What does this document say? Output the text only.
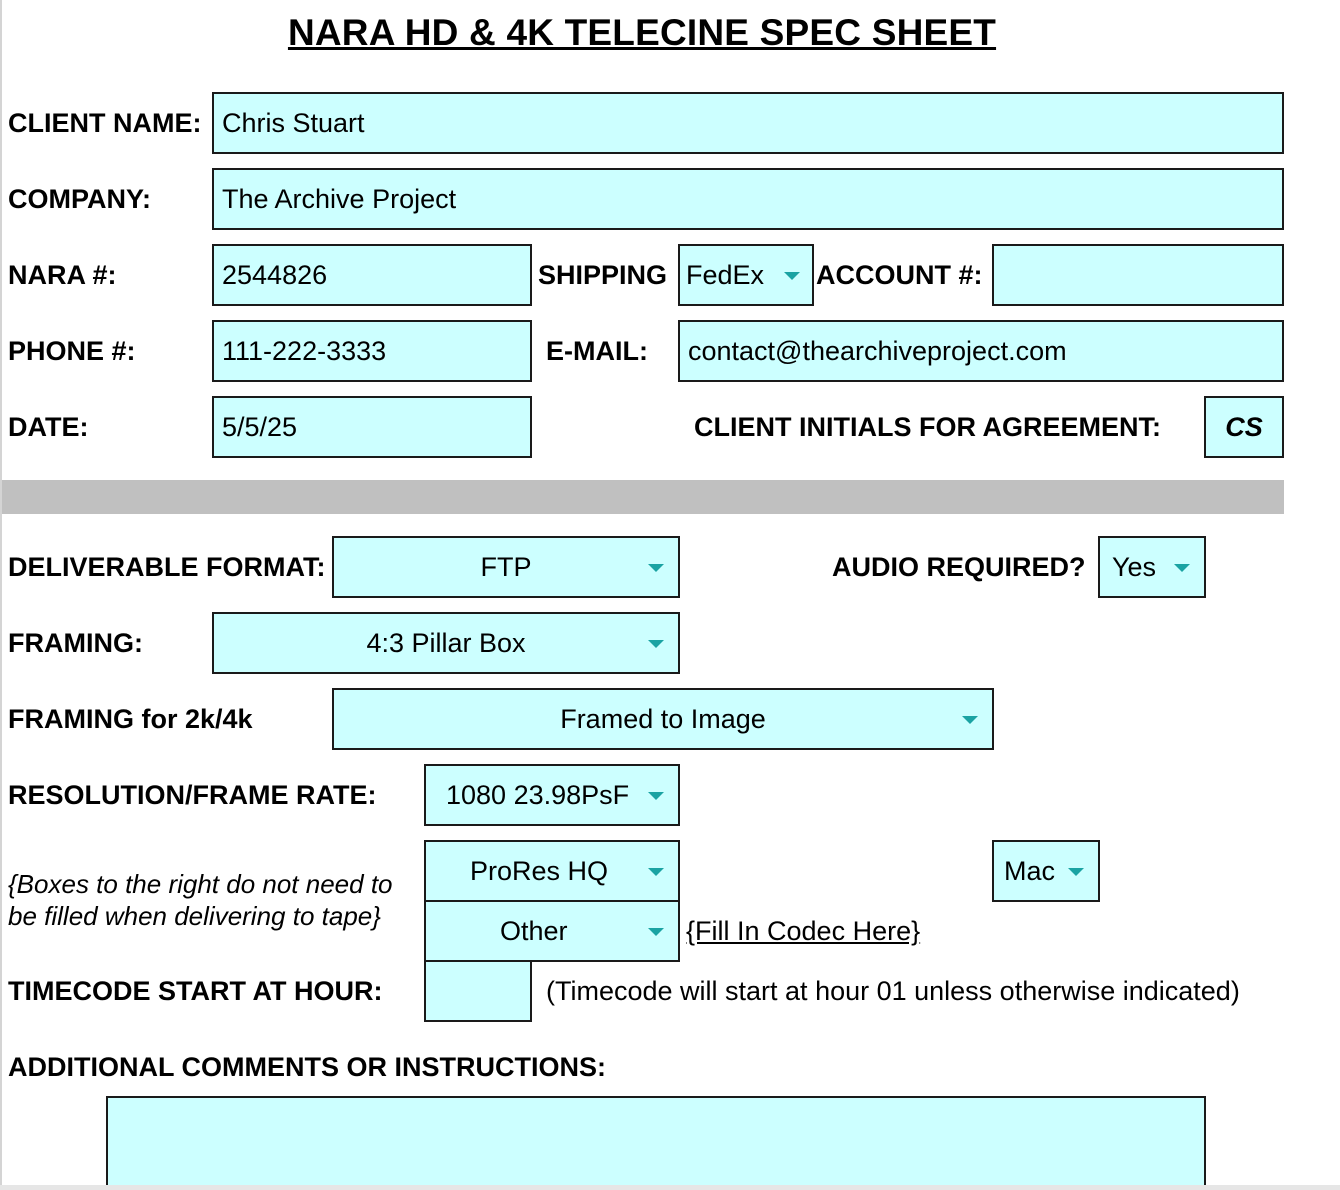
NARA HD & 4K TELECINE SPEC SHEET
CLIENT NAME: Chris Stuart
COMPANY:	The Archive Project
NARA #:	2544826	SHIPPING FedEx ACCOUNT #:
PHONE #:	111-222-3333	E-MAIL: contact@thearchiveproject.com
DATE:	5/5/25	CLIENT INITIALS FOR AGREEMENT: CS
DELIVERABLE FORMAT:	FTP	AUDIO REQUIRED? Yes
FRAMING:	4:3 Pillar Box
FRAMING for 2k/4k	Framed to Image
RESOLUTION/FRAME RATE:	1080 23.98PsF
{Boxes to the right do not need to be filled when delivering to tape}
ProRes HQ	Mac
Other	{Fill In Codec Here}
TIMECODE START AT HOUR:	(Timecode will start at hour 01 unless otherwise indicated)
ADDITIONAL COMMENTS OR INSTRUCTIONS:
